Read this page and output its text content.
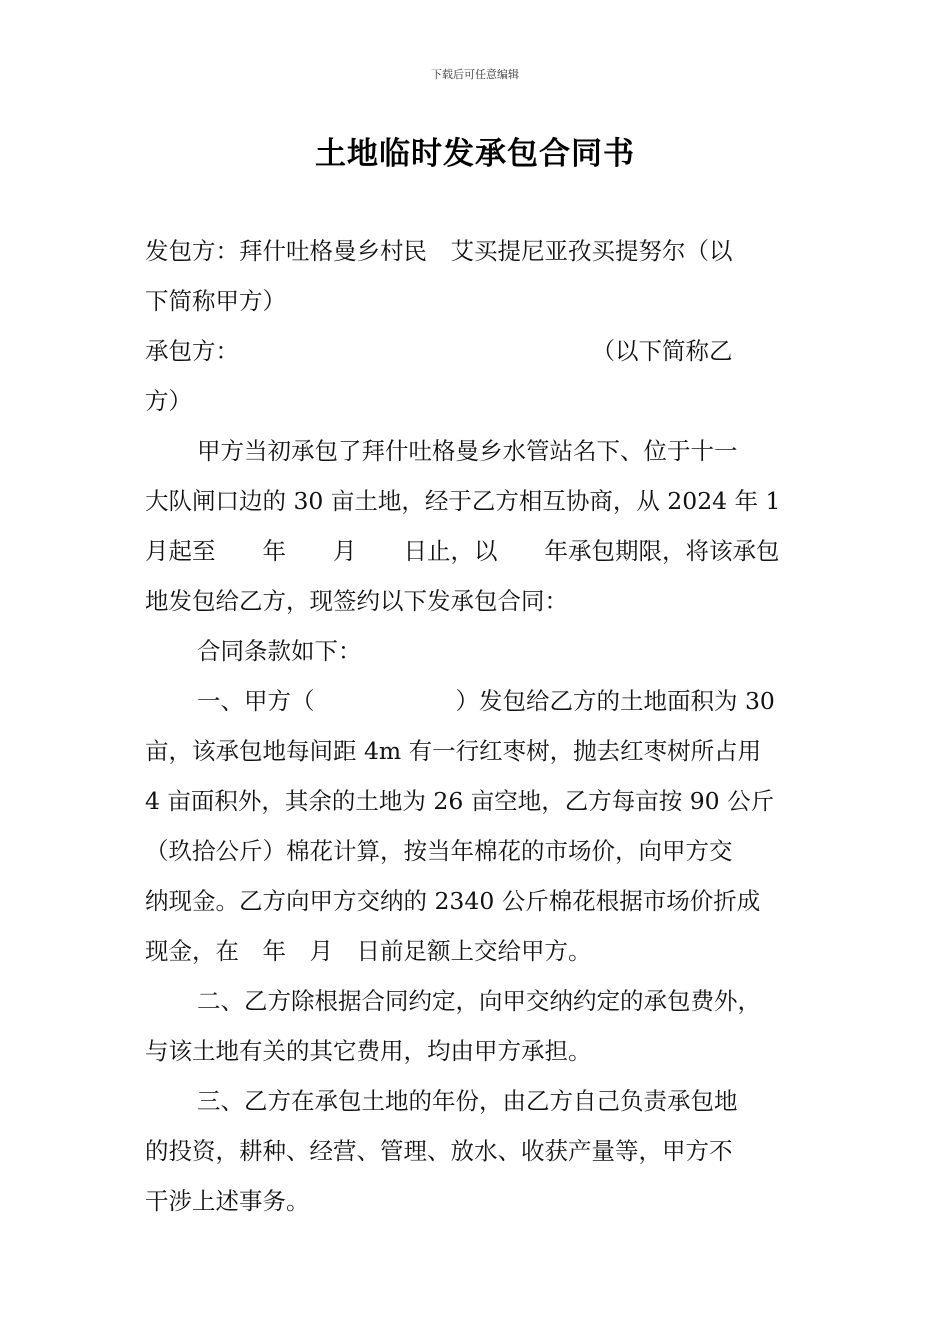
下载后可任意编辑
土地临时发承包合同书
发包方：拜什吐格曼乡村民　艾买提尼亚孜买提努尔（以
下简称甲方）
承包方：　　　　　　　　　　　　　　　　（以下简称乙
方）
甲方当初承包了拜什吐格曼乡水管站名下、位于十一
大队闸口边的 30 亩土地，经于乙方相互协商，从 2024 年 1
月起至　　年　　月　　日止，以　　年承包期限，将该承包
地发包给乙方，现签约以下发承包合同：
合同条款如下：
一、甲方（　　　　　　）发包给乙方的土地面积为 30
亩，该承包地每间距 4m 有一行红枣树，抛去红枣树所占用
4 亩面积外，其余的土地为 26 亩空地，乙方每亩按 90 公斤
（玖拾公斤）棉花计算，按当年棉花的市场价，向甲方交
纳现金。乙方向甲方交纳的 2340 公斤棉花根据市场价折成
现金，在　年　月　日前足额上交给甲方。
二、乙方除根据合同约定，向甲交纳约定的承包费外，
与该土地有关的其它费用，均由甲方承担。
三、乙方在承包土地的年份，由乙方自己负责承包地
的投资，耕种、经营、管理、放水、收获产量等，甲方不
干涉上述事务。
